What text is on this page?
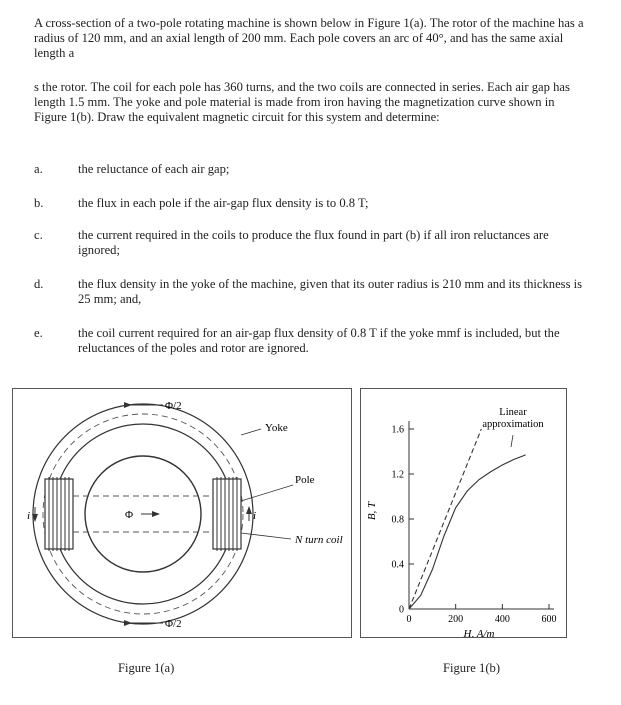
A cross-section of a two-pole rotating machine is shown below in Figure 1(a). The rotor of the machine has a radius of 120 mm, and an axial length of 200 mm. Each pole covers an arc of 40°, and has the same axial length a
s the rotor. The coil for each pole has 360 turns, and the two coils are connected in series. Each air gap has length 1.5 mm. The yoke and pole material is made from iron having the magnetization curve shown in Figure 1(b). Draw the equivalent magnetic circuit for this system and determine:
a.	the reluctance of each air gap;
b.	the flux in each pole if the air-gap flux density is to 0.8 T;
c.	the current required in the coils to produce the flux found in part (b) if all iron reluctances are ignored;
d.	the flux density in the yoke of the machine, given that its outer radius is 210 mm and its thickness is 25 mm; and,
e.	the coil current required for an air-gap flux density of 0.8 T if the yoke mmf is included, but the reluctances of the poles and rotor are ignored.
Φ/2
Φ/2
Φ
Yoke
Pole
N turn coil
i	i
Linear
approximation
B, T
H, A/m
0
0.4
0.8
1.2
1.6
0	200	400	600
Figure 1(a)	Figure 1(b)
